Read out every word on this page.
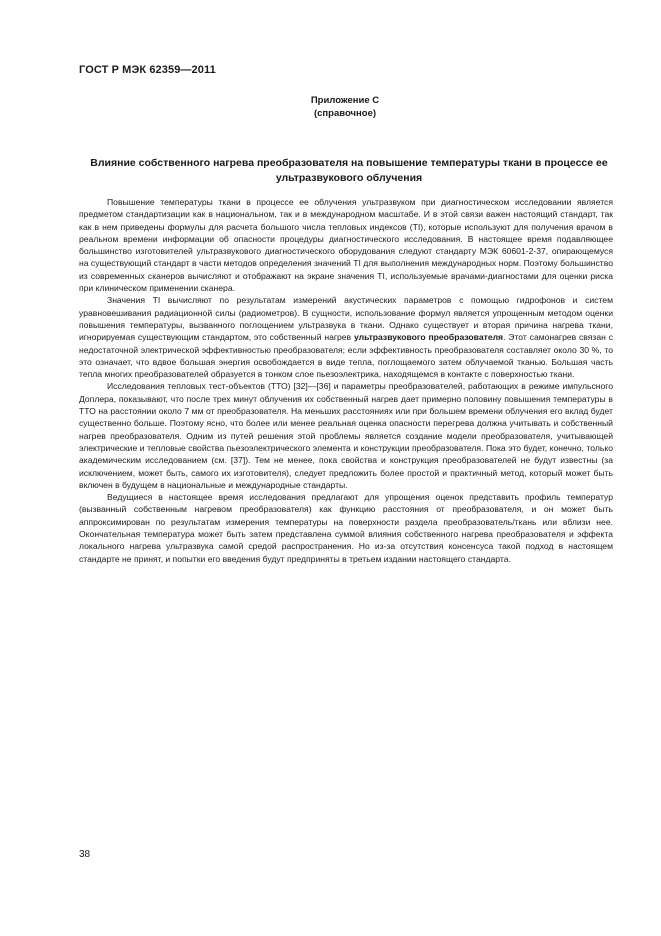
ГОСТ Р МЭК 62359—2011
Приложение С
(справочное)
Влияние собственного нагрева преобразователя на повышение температуры ткани в процессе ее ультразвукового облучения

Повышение температуры ткани в процессе ее облучения ультразвуком при диагностическом исследовании является предметом стандартизации как в национальном, так и в международном масштабе. И в этой связи важен настоящий стандарт, так как в нем приведены формулы для расчета большого числа тепловых индексов (TI), которые используют для получения врачом в реальном времени информации об опасности процедуры диагностического исследования. В настоящее время подавляющее большинство изготовителей ультразвукового диагностического оборудования следуют стандарту МЭК 60601-2-37, опирающемуся на существующий стандарт в части методов определения значений TI для выполнения международных норм. Поэтому большинство из современных сканеров вычисляют и отображают на экране значения TI, используемые врачами-диагностами для оценки риска при клиническом применении сканера.

Значения TI вычисляют по результатам измерений акустических параметров с помощью гидрофонов и систем уравновешивания радиационной силы (радиометров). В сущности, использование формул является упрощенным методом оценки повышения температуры, вызванного поглощением ультразвука в ткани. Однако существует и вторая причина нагрева ткани, игнорируемая существующим стандартом, это собственный нагрев ультразвукового преобразователя. Этот самонагрев связан с недостаточной электрической эффективностью преобразователя; если эффективность преобразователя составляет около 30 %, то это означает, что вдвое большая энергия освобождается в виде тепла, поглощаемого затем облучаемой тканью. Большая часть тепла многих преобразователей образуется в тонком слое пьезоэлектрика, находящемся в контакте с поверхностью ткани.

Исследования тепловых тест-объектов (ТТО) [32]—[36] и параметры преобразователей, работающих в режиме импульсного Доплера, показывают, что после трех минут облучения их собственный нагрев дает примерно половину повышения температуры в ТТО на расстоянии около 7 мм от преобразователя. На меньших расстояниях или при большем времени облучения его вклад будет существенно больше. Поэтому ясно, что более или менее реальная оценка опасности перегрева должна учитывать и собственный нагрев преобразователя. Одним из путей решения этой проблемы является создание модели преобразователя, учитывающей электрические и тепловые свойства пьезоэлектрического элемента и конструкции преобразователя. Пока это будет, конечно, только академическим исследованием (см. [37]). Тем не менее, пока свойства и конструкция преобразователей не будут известны (за исключением, может быть, самого их изготовителя), следует предложить более простой и практичный метод, который может быть включен в будущем в национальные и международные стандарты.

Ведущиеся в настоящее время исследования предлагают для упрощения оценок представить профиль температур (вызванный собственным нагревом преобразователя) как функцию расстояния от преобразователя, и он может быть аппроксимирован по результатам измерения температуры на поверхности раздела преобразователь/ткань или вблизи нее. Окончательная температура может быть затем представлена суммой влияния собственного нагрева преобразователя и эффекта локального нагрева ультразвука самой средой распространения. Но из-за отсутствия консенсуса такой подход в настоящем стандарте не принят, и попытки его введения будут предприняты в третьем издании настоящего стандарта.

38
